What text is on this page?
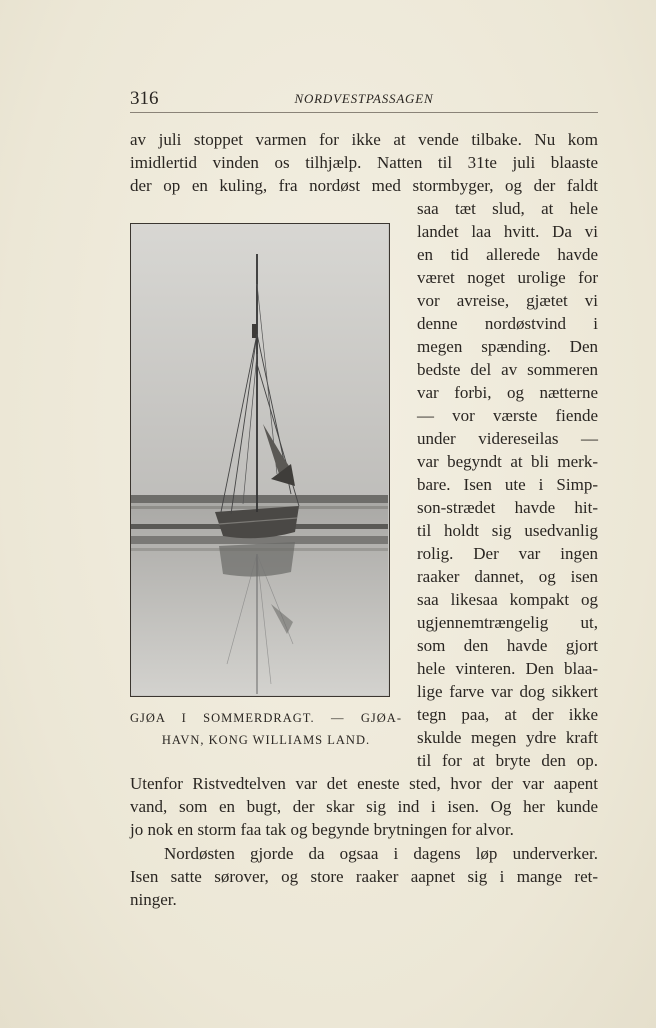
316	NORDVESTPASSAGEN
av juli stoppet varmen for ikke at vende tilbake. Nu kom
imidlertid vinden os tilhjælp. Natten til 31te juli blaaste
der op en kuling, fra nordøst med stormbyger, og der faldt
saa tæt slud, at hele
landet laa hvitt. Da vi
en tid allerede havde
været noget urolige for
vor avreise, gjætet vi
denne nordøstvind i
megen spænding. Den
bedste del av sommeren
var forbi, og nætterne
— vor værste fiende
under videreseilas —
var begyndt at bli merk-
bare. Isen ute i Simp-
son-strædet havde hit-
til holdt sig usedvanlig
rolig. Der var ingen
raaker dannet, og isen
saa likesaa kompakt og
ugjennemtrængelig ut,
som den havde gjort
hele vinteren. Den blaa-
lige farve var dog sikkert
tegn paa, at der ikke
skulde megen ydre kraft
til for at bryte den op.
Utenfor Ristvedtelven var det eneste sted, hvor der var aapent
vand, som en bugt, der skar sig ind i isen. Og her kunde
jo nok en storm faa tak og begynde brytningen for alvor.
Nordøsten gjorde da ogsaa i dagens løp underverker.
Isen satte sørover, og store raaker aapnet sig i mange ret-
ninger.
GJØA I SOMMERDRAGT. — GJØA-
HAVN, KONG WILLIAMS LAND.
